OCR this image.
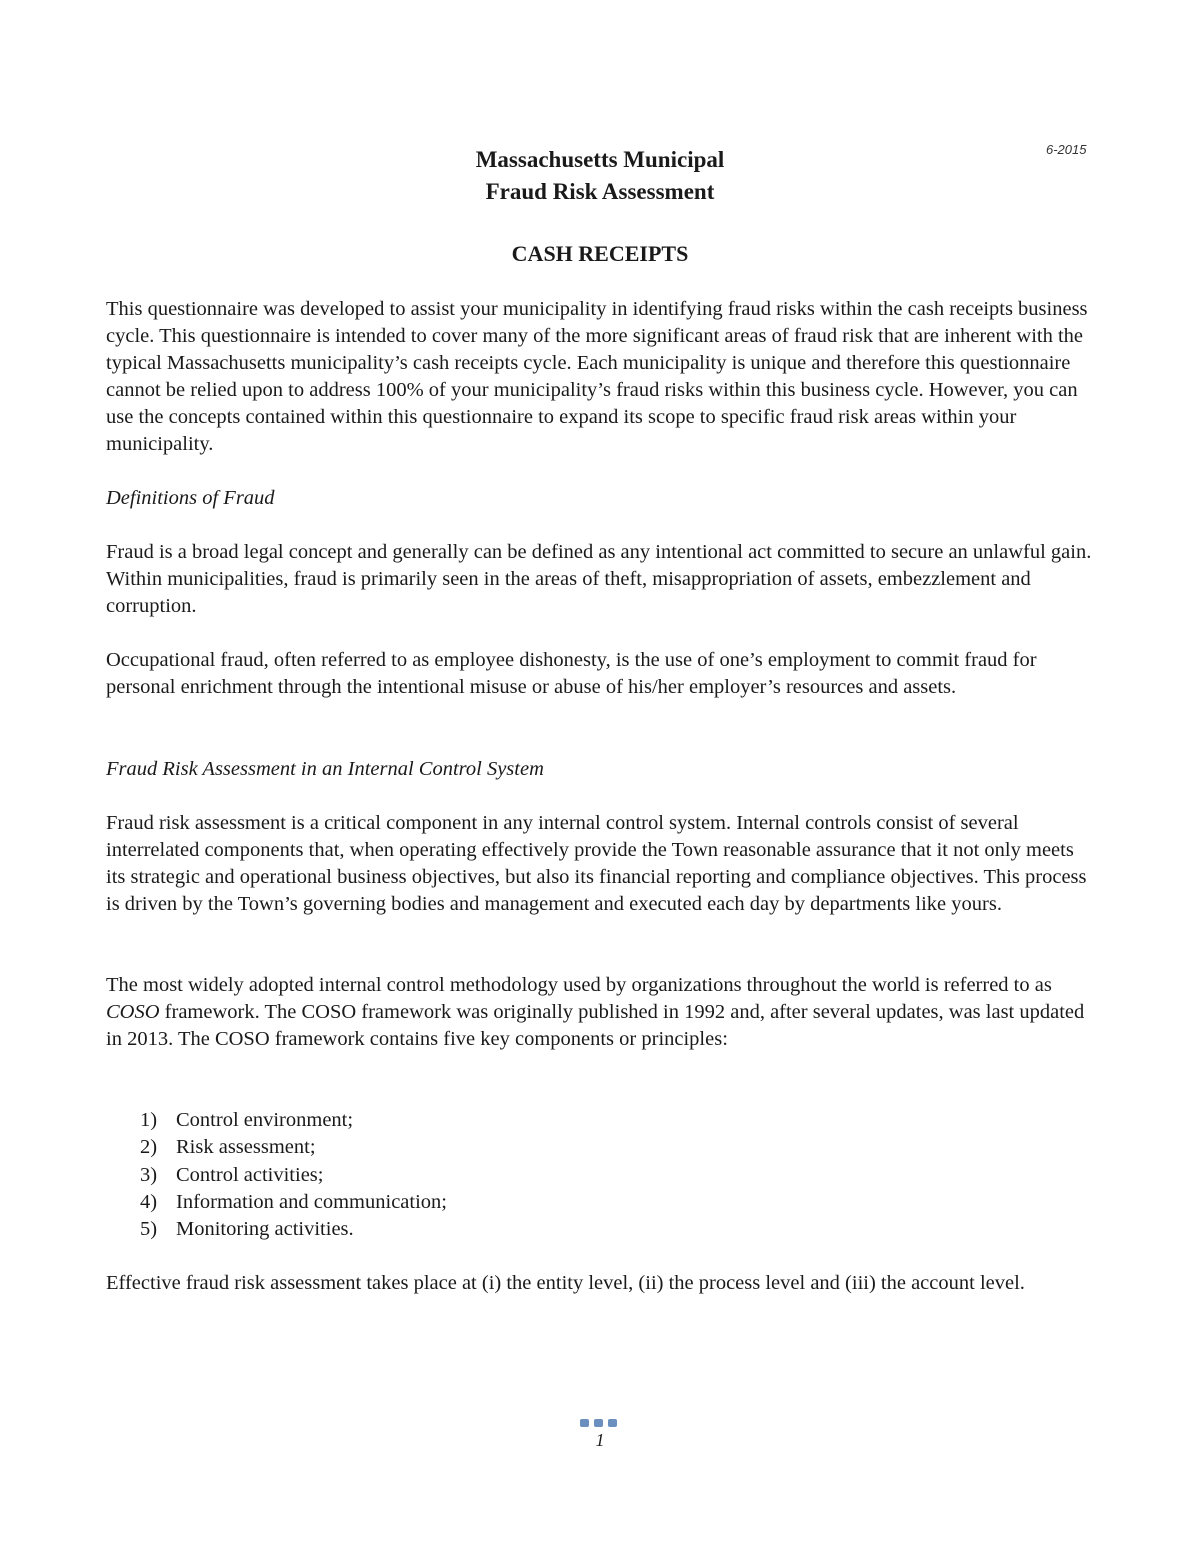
6-2015
Massachusetts Municipal
Fraud Risk Assessment
CASH RECEIPTS

This questionnaire was developed to assist your municipality in identifying fraud risks within the cash receipts business cycle. This questionnaire is intended to cover many of the more significant areas of fraud risk that are inherent with the typical Massachusetts municipality’s cash receipts cycle. Each municipality is unique and therefore this questionnaire cannot be relied upon to address 100% of your municipality’s fraud risks within this business cycle. However, you can use the concepts contained within this questionnaire to expand its scope to specific fraud risk areas within your municipality.

Definitions of Fraud

Fraud is a broad legal concept and generally can be defined as any intentional act committed to secure an unlawful gain. Within municipalities, fraud is primarily seen in the areas of theft, misappropriation of assets, embezzlement and corruption.

Occupational fraud, often referred to as employee dishonesty, is the use of one’s employment to commit fraud for personal enrichment through the intentional misuse or abuse of his/her employer’s resources and assets.

Fraud Risk Assessment in an Internal Control System

Fraud risk assessment is a critical component in any internal control system. Internal controls consist of several interrelated components that, when operating effectively provide the Town reasonable assurance that it not only meets its strategic and operational business objectives, but also its financial reporting and compliance objectives. This process is driven by the Town’s governing bodies and management and executed each day by departments like yours.

The most widely adopted internal control methodology used by organizations throughout the world is referred to as COSO framework. The COSO framework was originally published in 1992 and, after several updates, was last updated in 2013. The COSO framework contains five key components or principles:

1) Control environment;
2) Risk assessment;
3) Control activities;
4) Information and communication;
5) Monitoring activities.

Effective fraud risk assessment takes place at (i) the entity level, (ii) the process level and (iii) the account level.

1
